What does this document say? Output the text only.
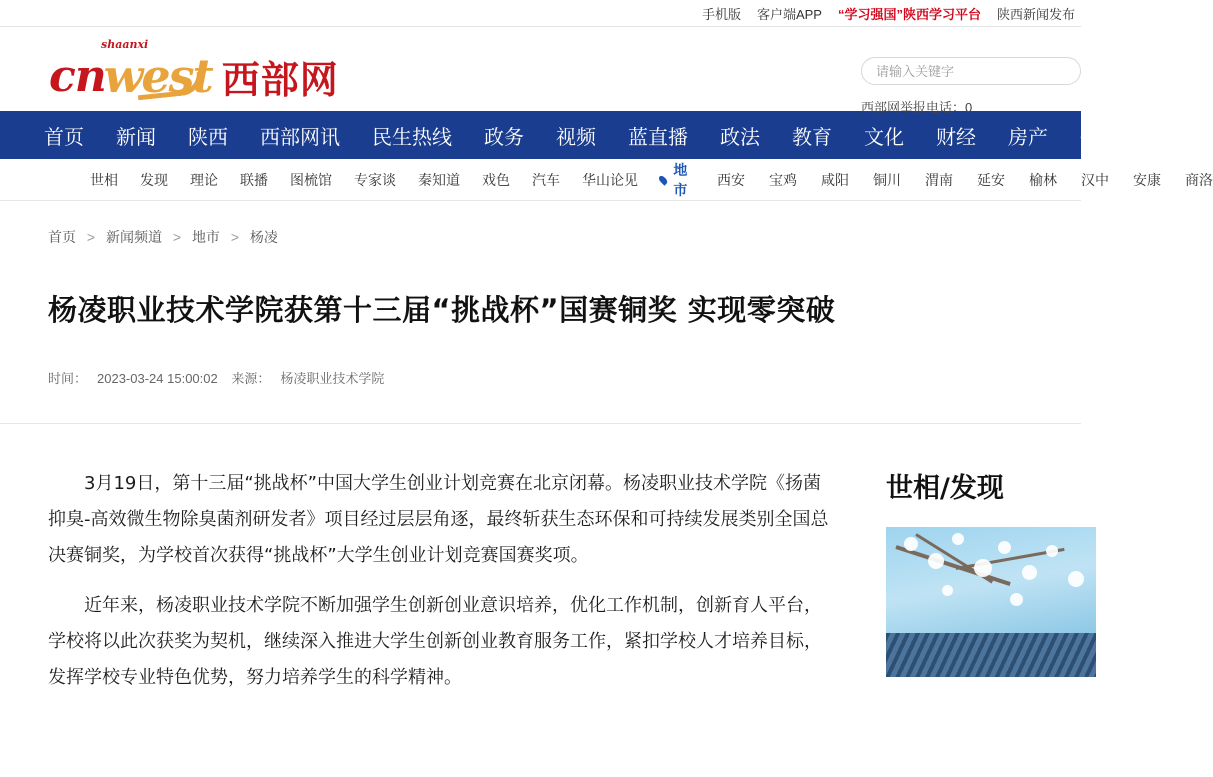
手机版 客户端APP “学习强国”陕西学习平台 陕西新闻发布
shaanxi
cn
west 西部网
请输入关键字
西部网举报电话：0
首页	新闻	陕西	西部网讯	民生热线	政务	视频	蓝直播	政法	教育	文化	财经	房产	健康
世相 发现 理论 联播 图梳馆 专家谈 秦知道 戏色 汽车 华山论见
地市
西安 宝鸡 咸阳 铜川 渭南 延安 榆林 汉中 安康 商洛
首页 > 新闻频道 > 地市 > 杨凌
杨凌职业技术学院获第十三届“挑战杯”国赛铜奖 实现零突破
时间： 2023-03-24 15:00:02 来源： 杨凌职业技术学院

3月19日，第十三届“挑战杯”中国大学生创业计划竞赛在北京闭幕。杨凌职业技术学院《扬菌抑臭-高效微生物除臭菌剂研发者》项目经过层层角逐，最终斩获生态环保和可持续发展类别全国总决赛铜奖，为学校首次获得“挑战杯”大学生创业计划竞赛国赛奖项。

近年来，杨凌职业技术学院不断加强学生创新创业意识培养，优化工作机制，创新育人平台，学校将以此次获奖为契机，继续深入推进大学生创新创业教育服务工作，紧扣学校人才培养目标，发挥学校专业特色优势，努力培养学生的科学精神。

世相/发现
